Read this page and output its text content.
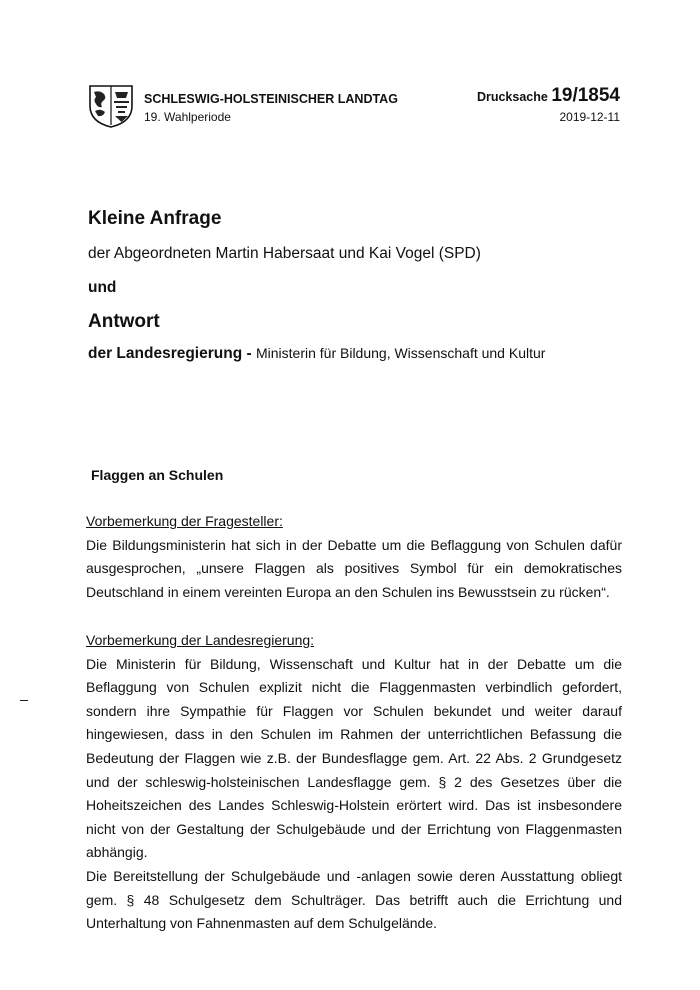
SCHLESWIG-HOLSTEINISCHER LANDTAG
19. Wahlperiode
Drucksache 19/1854
2019-12-11
Kleine Anfrage
der Abgeordneten Martin Habersaat und Kai Vogel (SPD)
und
Antwort
der Landesregierung - Ministerin für Bildung, Wissenschaft und Kultur
Flaggen an Schulen
Vorbemerkung der Fragesteller:

Die Bildungsministerin hat sich in der Debatte um die Beflaggung von Schulen dafür ausgesprochen, „unsere Flaggen als positives Symbol für ein demokratisches Deutschland in einem vereinten Europa an den Schulen ins Bewusstsein zu rücken“.

Vorbemerkung der Landesregierung:

Die Ministerin für Bildung, Wissenschaft und Kultur hat in der Debatte um die Beflaggung von Schulen explizit nicht die Flaggenmasten verbindlich gefordert, sondern ihre Sympathie für Flaggen vor Schulen bekundet und weiter darauf hingewiesen, dass in den Schulen im Rahmen der unterrichtlichen Befassung die Bedeutung der Flaggen wie z.B. der Bundesflagge gem. Art. 22 Abs. 2 Grundgesetz und der schleswig-holsteinischen Landesflagge gem. § 2 des Gesetzes über die Hoheitszeichen des Landes Schleswig-Holstein erörtert wird. Das ist insbesondere nicht von der Gestaltung der Schulgebäude und der Errichtung von Flaggenmasten abhängig.

Die Bereitstellung der Schulgebäude und -anlagen sowie deren Ausstattung obliegt gem. § 48 Schulgesetz dem Schulträger. Das betrifft auch die Errichtung und Unterhaltung von Fahnenmasten auf dem Schulgelände.
